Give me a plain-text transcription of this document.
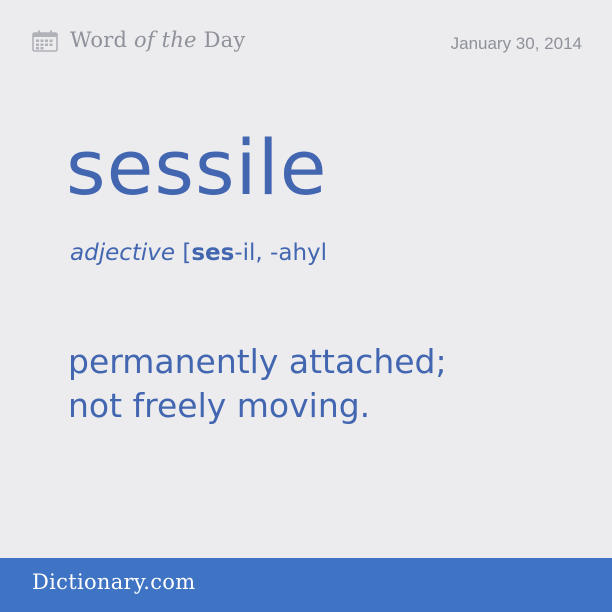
Word of the Day	January 30, 2014
sessile
adjective [ses-il, -ahyl
permanently attached;
not freely moving.
Dictionary.com
